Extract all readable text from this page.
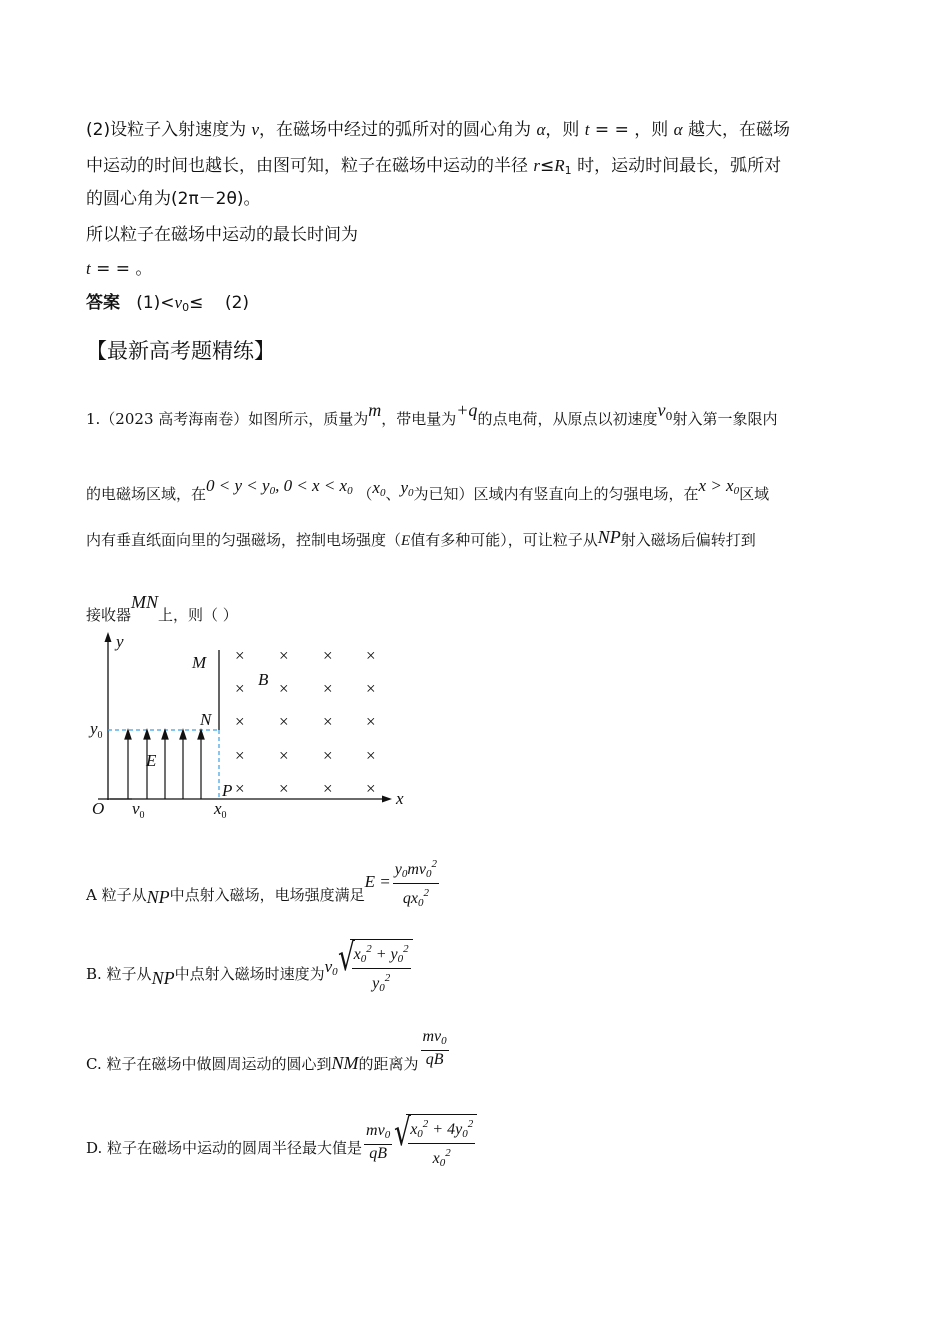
(2)设粒子入射速度为 v，在磁场中经过的弧所对的圆心角为 α，则 t = = ，则 α 越大，在磁场
中运动的时间也越长，由图可知，粒子在磁场中运动的半径 $r\le R_1$ 时，运动时间最长，弧所对
的圆心角为(2π－2θ)。
所以粒子在磁场中运动的最长时间为
t = = 。
答案 $(1)<v_0\le (2)$
【最新高考题精练】
1.（2023 高考海南卷）如图所示，质量为m，带电量为+q的点电荷，从原点以初速度$v^0$射入第一象限内
的电磁场区域，在$0 < y < y_0$, $0 < x < x_0$ （$x_0$、$y_0$为已知）区域内有竖直向上的匀强电场，在$x > x_0$区域
内有垂直纸面向里的匀强磁场，控制电场强度（E值有多种可能），可让粒子从NP射入磁场后偏转打到
接收器MN上，则（ ）
× × × ×
× × × ×
× × × ×
× × × ×
× × × ×
y
x
O
M
N
P
B
E
$y_0$
$x_0$
$v_0$
A 粒子从NP中点射入磁场，电场强度满足$E = \frac{y_0mv_0^2}{qx_0^2}$
B. 粒子从NP中点射入磁场时速度为$v_0$ √
$\frac{x_0^2 + y_0^2}{y_0^2}$
C. 粒子在磁场中做圆周运动的圆心到NM的距离为 $\frac{mv_0}{qB}$
D. 粒子在磁场中运动的圆周半径最大值是 $\frac{mv_0}{qB}$ √
$\frac{x_0^2 + 4y_0^2}{x_0^2}$
